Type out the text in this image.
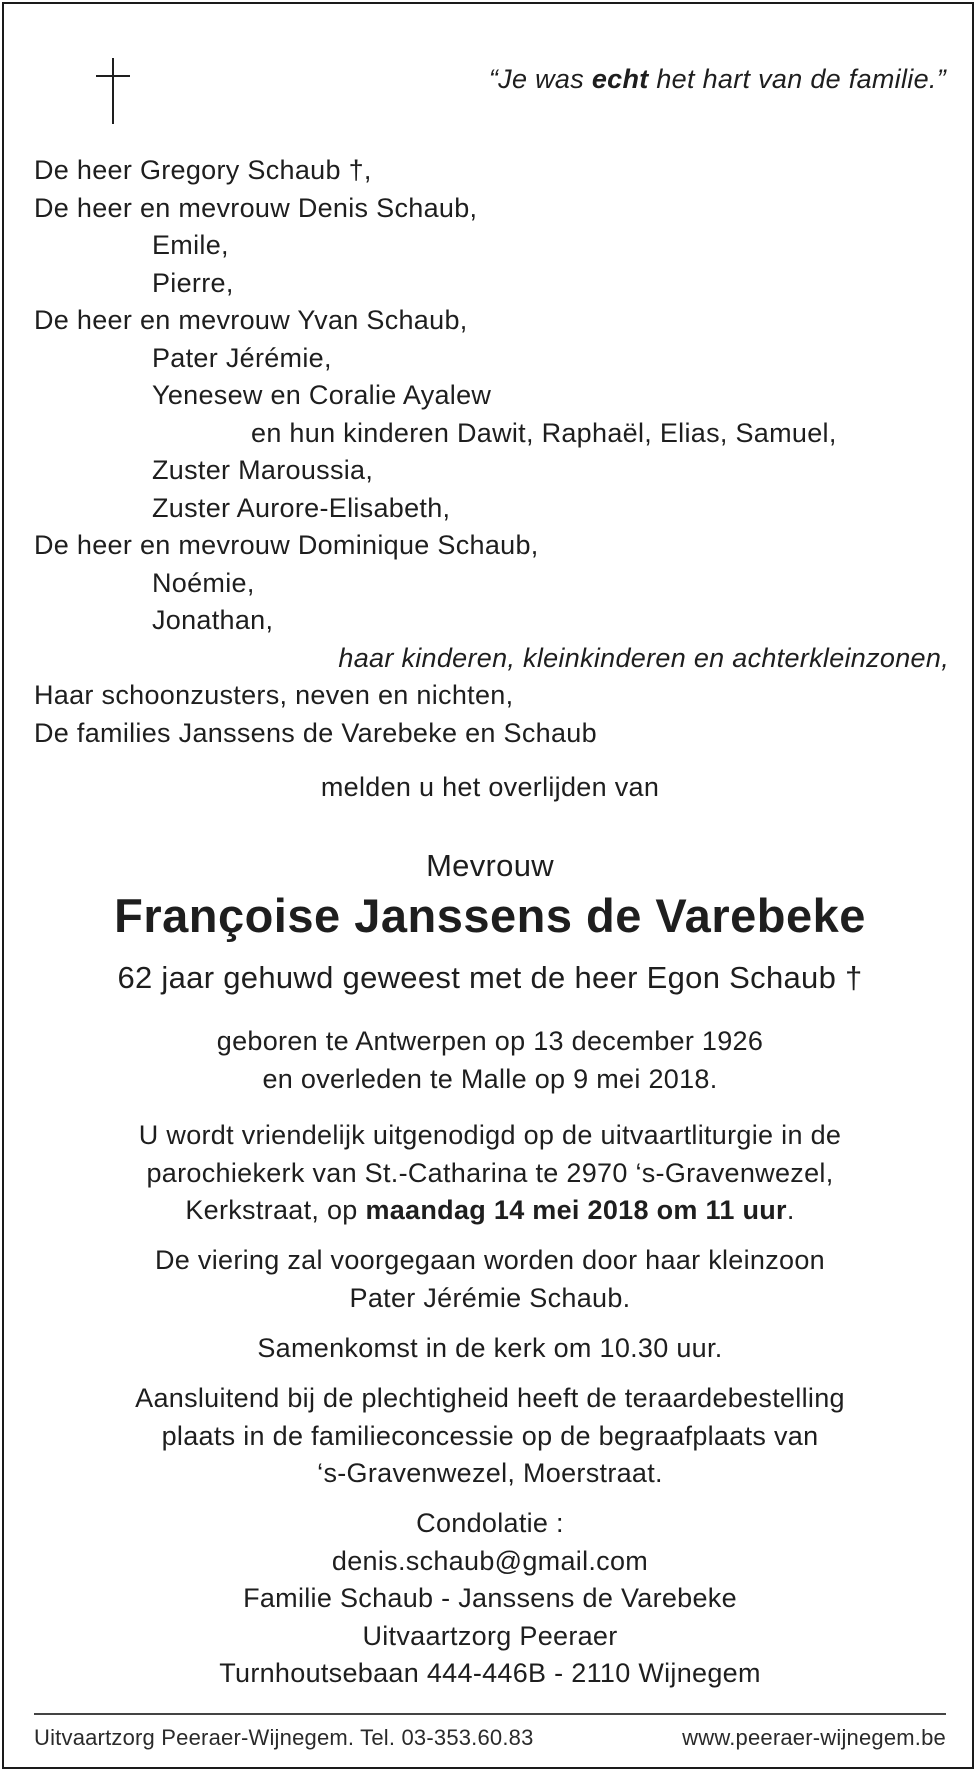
“Je was echt het hart van de familie.”
De heer Gregory Schaub †,
De heer en mevrouw Denis Schaub,
Emile,
Pierre,
De heer en mevrouw Yvan Schaub,
Pater Jérémie,
Yenesew en Coralie Ayalew
en hun kinderen Dawit, Raphaël, Elias, Samuel,
Zuster Maroussia,
Zuster Aurore-Elisabeth,
De heer en mevrouw Dominique Schaub,
Noémie,
Jonathan,
haar kinderen, kleinkinderen en achterkleinzonen,
Haar schoonzusters, neven en nichten,
De families Janssens de Varebeke en Schaub
melden u het overlijden van
Mevrouw
Françoise Janssens de Varebeke
62 jaar gehuwd geweest met de heer Egon Schaub †

geboren te Antwerpen op 13 december 1926

en overleden te Malle op 9 mei 2018.

U wordt vriendelijk uitgenodigd op de uitvaartliturgie in de

parochiekerk van St.-Catharina te 2970 ‘s-Gravenwezel,

Kerkstraat, op maandag 14 mei 2018 om 11 uur.

De viering zal voorgegaan worden door haar kleinzoon

Pater Jérémie Schaub.

Samenkomst in de kerk om 10.30 uur.

Aansluitend bij de plechtigheid heeft de teraardebestelling

plaats in de familieconcessie op de begraafplaats van

‘s-Gravenwezel, Moerstraat.

Condolatie :

denis.schaub@gmail.com

Familie Schaub - Janssens de Varebeke

Uitvaartzorg Peeraer

Turnhoutsebaan 444-446B - 2110 Wijnegem

Uitvaartzorg Peeraer-Wijnegem. Tel. 03-353.60.83	www.peeraer-wijnegem.be
